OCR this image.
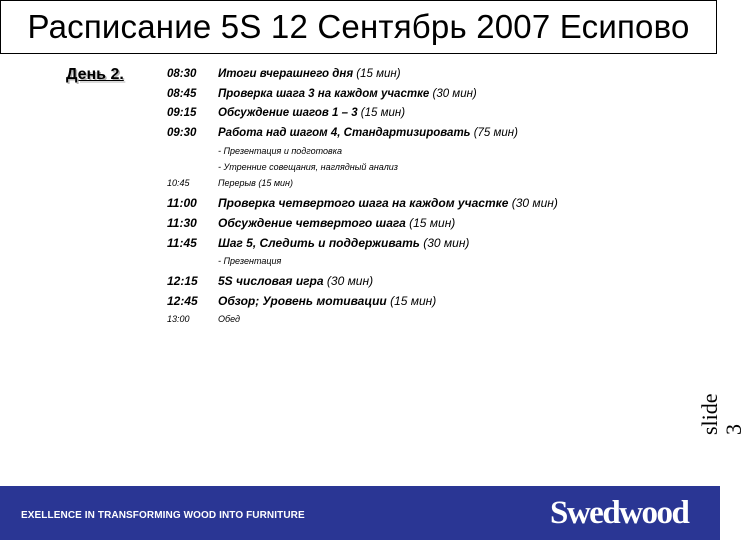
Расписание 5S 12 Сентябрь 2007 Есипово
День 2.	08:30 Итоги вчерашнего дня (15 мин)
08:45 Проверка шага 3 на каждом участке (30 мин)
09:15 Обсуждение шагов 1 – 3 (15 мин)
09:30 Работа над шагом 4, Стандартизировать (75 мин)
- Презентация и подготовка
- Утренние совещания, наглядный анализ
10:45	Перерыв (15 мин)
11:00 Проверка четвертого шага на каждом участке (30 мин)
11:30 Обсуждение четвертого шага (15 мин)
11:45 Шаг 5, Следить и поддерживать (30 мин)
- Презентация
12:15 5S числовая игра (30 мин)
12:45 Обзор; Уровень мотивации (15 мин)
13:00	Обед
slide 3
EXELLENCE IN TRANSFORMING WOOD INTO FURNITURE	Swedwood
